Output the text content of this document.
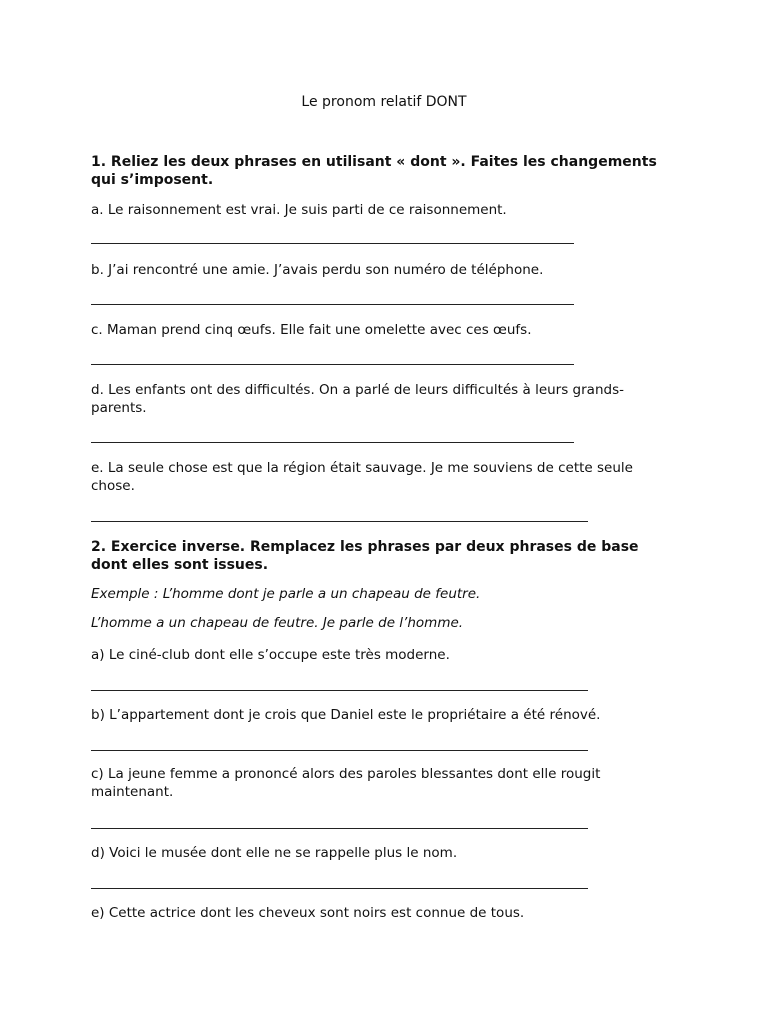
Le pronom relatif DONT
1. Reliez les deux phrases en utilisant « dont ». Faites les changements qui s’imposent.
a. Le raisonnement est vrai. Je suis parti de ce raisonnement.
b. J’ai rencontré une amie. J’avais perdu son numéro de téléphone.
c. Maman prend cinq œufs. Elle fait une omelette avec ces œufs.
d. Les enfants ont des difficultés. On a parlé de leurs difficultés à leurs grands-parents.
e. La seule chose est que la région était sauvage. Je me souviens de cette seule chose.
2. Exercice inverse. Remplacez les phrases par deux phrases de base dont elles sont issues.
Exemple : L’homme dont je parle a un chapeau de feutre.
L’homme a un chapeau de feutre. Je parle de l’homme.
a) Le ciné-club dont elle s’occupe este très moderne.
b) L’appartement dont je crois que Daniel este le propriétaire a été rénové.
c) La jeune femme a prononcé alors des paroles blessantes dont elle rougit maintenant.
d) Voici le musée dont elle ne se rappelle plus le nom.
e) Cette actrice dont les cheveux sont noirs est connue de tous.
